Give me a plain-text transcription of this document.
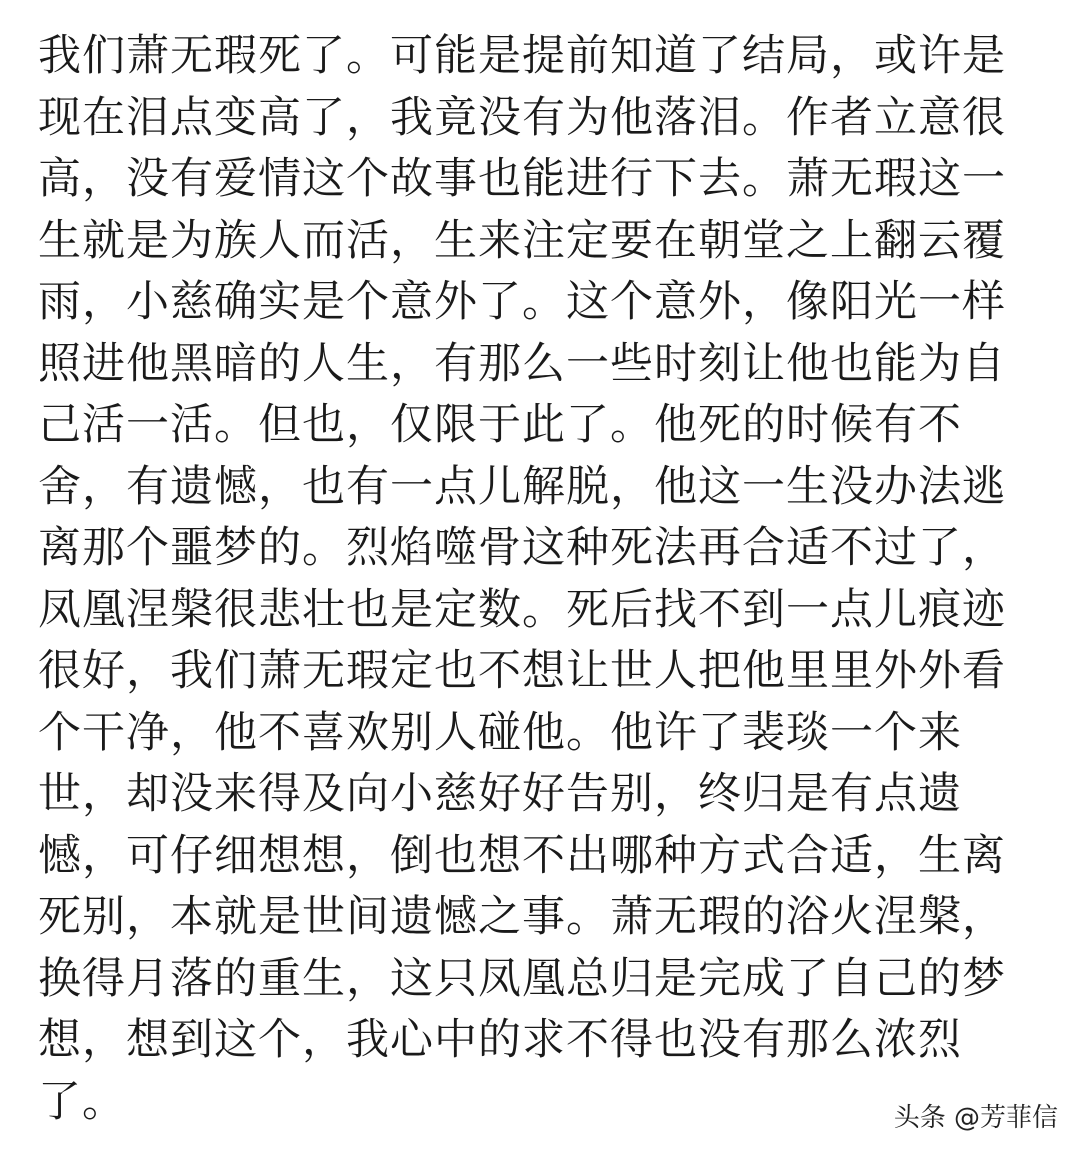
我们萧无瑕死了。可能是提前知道了结局，或许是
现在泪点变高了，我竟没有为他落泪。作者立意很
高，没有爱情这个故事也能进行下去。萧无瑕这一
生就是为族人而活，生来注定要在朝堂之上翻云覆
雨，小慈确实是个意外了。这个意外，像阳光一样
照进他黑暗的人生，有那么一些时刻让他也能为自
己活一活。但也，仅限于此了。他死的时候有不
舍，有遗憾，也有一点儿解脱，他这一生没办法逃
离那个噩梦的。烈焰噬骨这种死法再合适不过了，
凤凰涅槃很悲壮也是定数。死后找不到一点儿痕迹
很好，我们萧无瑕定也不想让世人把他里里外外看
个干净，他不喜欢别人碰他。他许了裴琰一个来
世，却没来得及向小慈好好告别，终归是有点遗
憾，可仔细想想，倒也想不出哪种方式合适，生离
死别，本就是世间遗憾之事。萧无瑕的浴火涅槃，
换得月落的重生，这只凤凰总归是完成了自己的梦
想，想到这个，我心中的求不得也没有那么浓烈
了。	头条 @芳菲信
